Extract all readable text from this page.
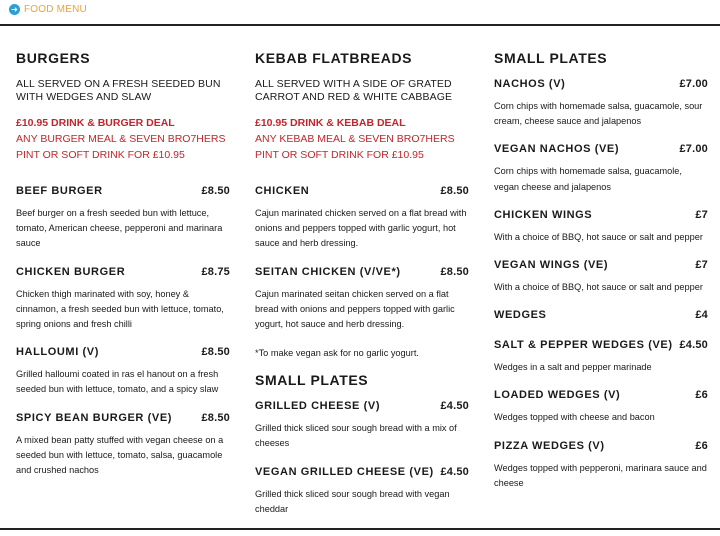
➜ FOOD MENU
BURGERS
ALL SERVED ON A FRESH SEEDED BUN WITH WEDGES AND SLAW
£10.95 DRINK & BURGER DEAL
ANY BURGER MEAL & SEVEN BRO7HERS PINT OR SOFT DRINK FOR £10.95
BEEF BURGER	£8.50

Beef burger on a fresh seeded bun with lettuce, tomato, American cheese, pepperoni and marinara sauce

CHICKEN BURGER	£8.75

Chicken thigh marinated with soy, honey & cinnamon, a fresh seeded bun with lettuce, tomato, spring onions and fresh chilli

HALLOUMI (V)	£8.50

Grilled halloumi coated in ras el hanout on a fresh seeded bun with lettuce, tomato, and a spicy slaw

SPICY BEAN BURGER (VE)	£8.50

A mixed bean patty stuffed with vegan cheese on a seeded bun with lettuce, tomato, salsa, guacamole and crushed nachos

KEBAB FLATBREADS
ALL SERVED WITH A SIDE OF GRATED CARROT AND RED & WHITE CABBAGE
£10.95 DRINK & KEBAB DEAL
ANY KEBAB MEAL & SEVEN BRO7HERS PINT OR SOFT DRINK FOR £10.95
CHICKEN	£8.50

Cajun marinated chicken served on a flat bread with onions and peppers topped with garlic yogurt, hot sauce and herb dressing.

SEITAN CHICKEN (V/VE*)	£8.50

Cajun marinated seitan chicken served on a flat bread with onions and peppers topped with garlic yogurt, hot sauce and herb dressing.

*To make vegan ask for no garlic yogurt.

SMALL PLATES
GRILLED CHEESE (V)	£4.50

Grilled thick sliced sour sough bread with a mix of cheeses

VEGAN GRILLED CHEESE (VE) £4.50

Grilled thick sliced sour sough bread with vegan cheddar

SMALL PLATES
NACHOS (V)	£7.00

Corn chips with homemade salsa, guacamole, sour cream, cheese sauce and jalapenos

VEGAN NACHOS (VE)	£7.00

Corn chips with homemade salsa, guacamole, vegan cheese and jalapenos

CHICKEN WINGS	£7

With a choice of BBQ, hot sauce or salt and pepper

VEGAN WINGS (VE)	£7

With a choice of BBQ, hot sauce or salt and pepper

WEDGES	£4
SALT & PEPPER WEDGES (VE) £4.50

Wedges in a salt and pepper marinade

LOADED WEDGES (V)	£6

Wedges topped with cheese and bacon

PIZZA WEDGES (V)	£6

Wedges topped with pepperoni, marinara sauce and cheese
